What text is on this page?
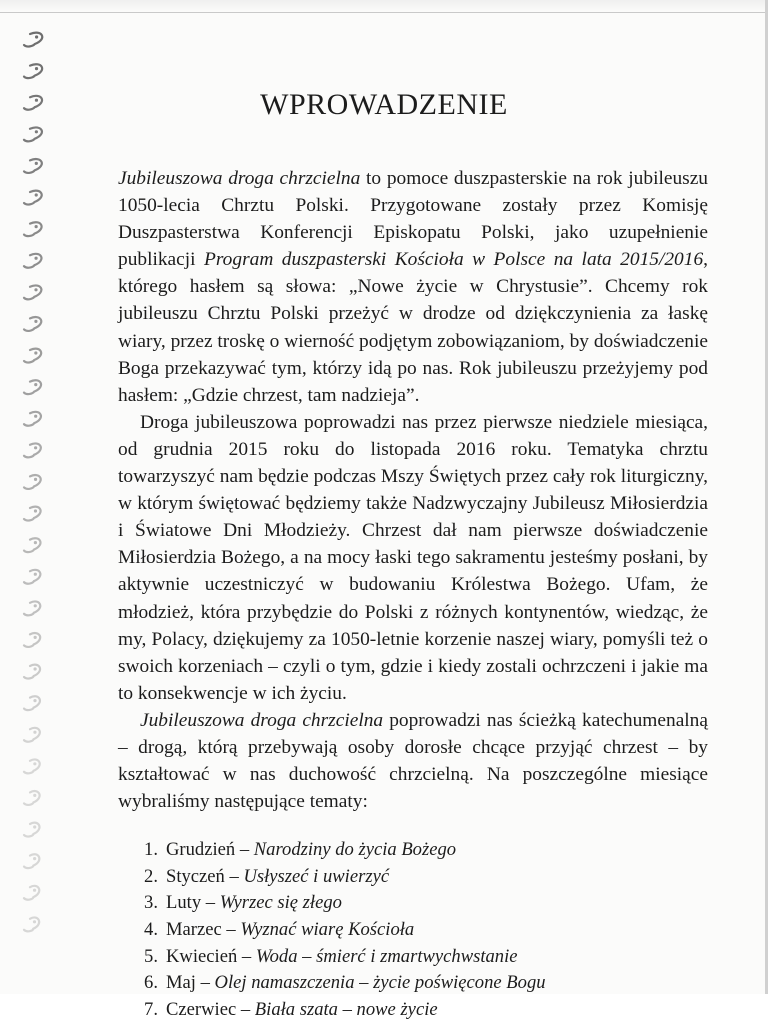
WPROWADZENIE

Jubileuszowa droga chrzcielna to pomoce duszpasterskie na rok jubileuszu 1050-lecia Chrztu Polski. Przygotowane zostały przez Komisję Duszpasterstwa Konferencji Episkopatu Polski, jako uzupełnienie publikacji Program duszpasterski Kościoła w Polsce na lata 2015/2016, którego hasłem są słowa: „Nowe życie w Chrystusie”. Chcemy rok jubileuszu Chrztu Polski przeżyć w drodze od dziękczynienia za łaskę wiary, przez troskę o wierność podjętym zobowiązaniom, by doświadczenie Boga przekazywać tym, którzy idą po nas. Rok jubileuszu przeżyjemy pod hasłem: „Gdzie chrzest, tam nadzieja”.

Droga jubileuszowa poprowadzi nas przez pierwsze niedziele miesiąca, od grudnia 2015 roku do listopada 2016 roku. Tematyka chrztu towarzyszyć nam będzie podczas Mszy Świętych przez cały rok liturgiczny, w którym świętować będziemy także Nadzwyczajny Jubileusz Miłosierdzia i Światowe Dni Młodzieży. Chrzest dał nam pierwsze doświadczenie Miłosierdzia Bożego, a na mocy łaski tego sakramentu jesteśmy posłani, by aktywnie uczestniczyć w budowaniu Królestwa Bożego. Ufam, że młodzież, która przybędzie do Polski z różnych kontynentów, wiedząc, że my, Polacy, dziękujemy za 1050-letnie korzenie naszej wiary, pomyśli też o swoich korzeniach – czyli o tym, gdzie i kiedy zostali ochrzczeni i jakie ma to konsekwencje w ich życiu.

Jubileuszowa droga chrzcielna poprowadzi nas ścieżką katechumenalną – drogą, którą przebywają osoby dorosłe chcące przyjąć chrzest – by kształtować w nas duchowość chrzcielną. Na poszczególne miesiące wybraliśmy następujące tematy:

1. Grudzień – Narodziny do życia Bożego
2. Styczeń – Usłyszeć i uwierzyć
3. Luty – Wyrzec się złego
4. Marzec – Wyznać wiarę Kościoła
5. Kwiecień – Woda – śmierć i zmartwychwstanie
6. Maj – Olej namaszczenia – życie poświęcone Bogu
7. Czerwiec – Biała szata – nowe życie
